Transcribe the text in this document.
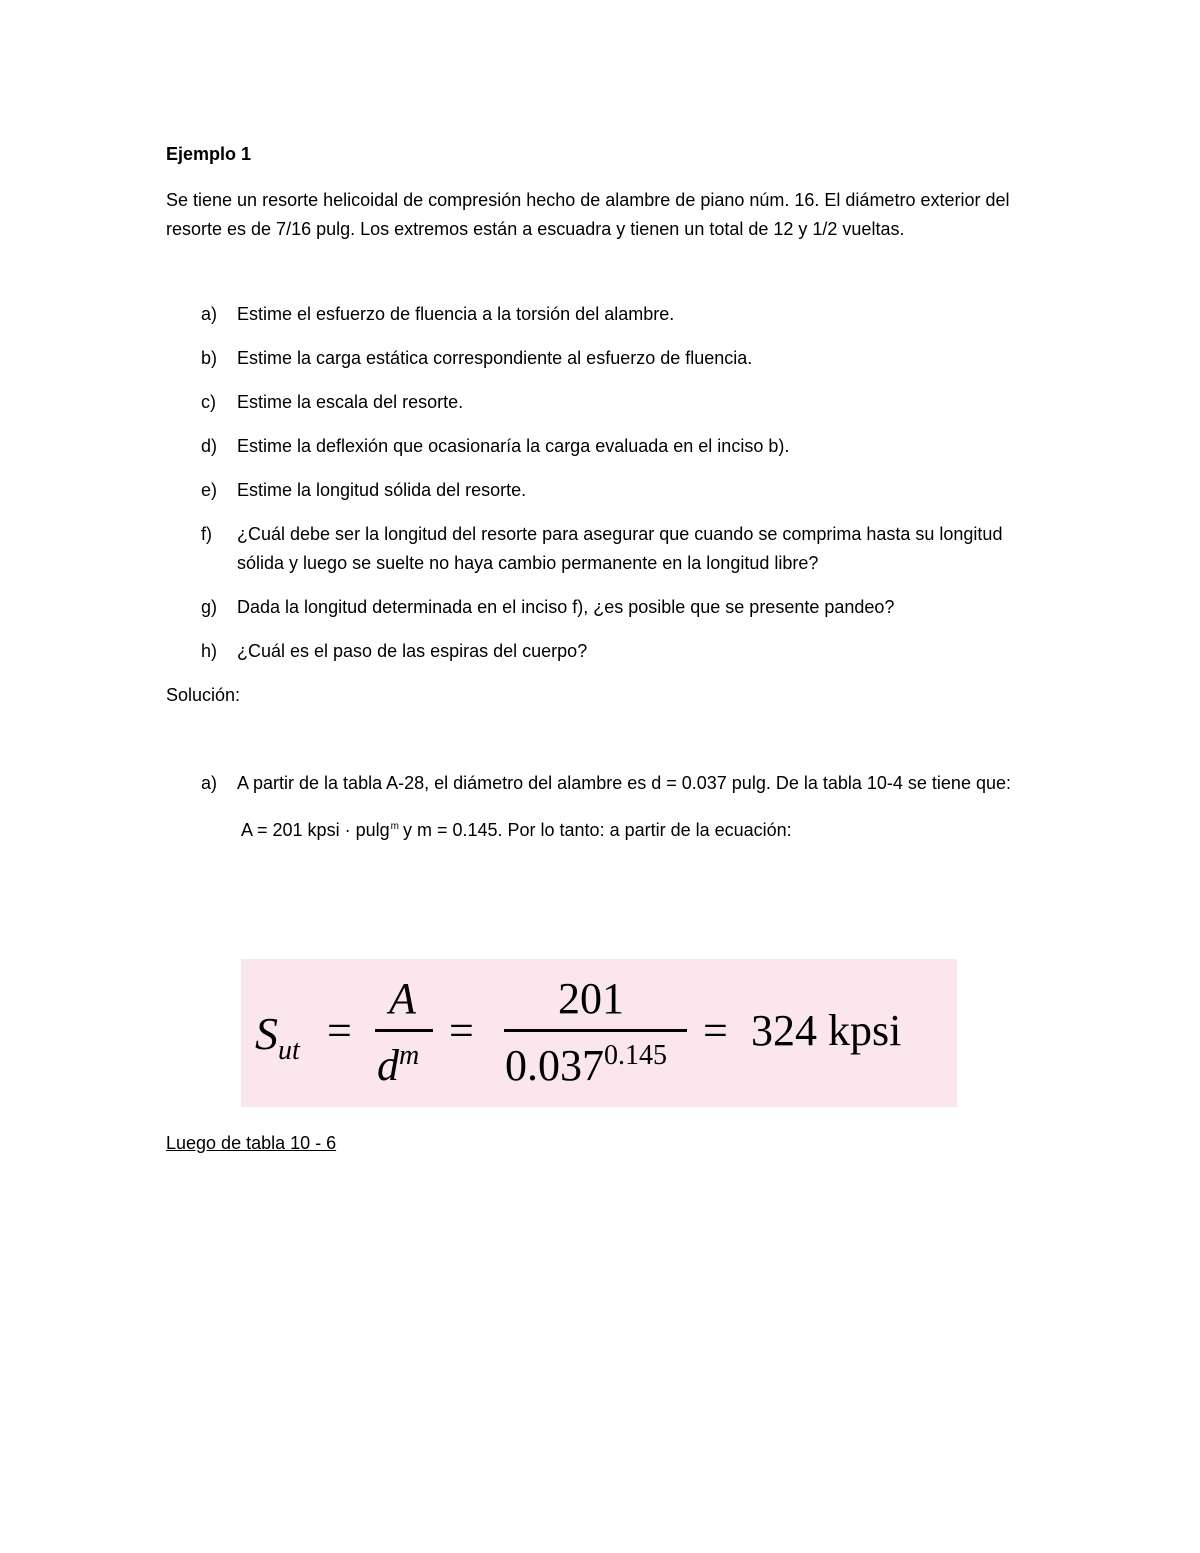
Ejemplo 1
Se tiene un resorte helicoidal de compresión hecho de alambre de piano núm. 16. El diámetro exterior del resorte es de 7/16 pulg. Los extremos están a escuadra y tienen un total de 12 y 1/2 vueltas.
a) Estime el esfuerzo de fluencia a la torsión del alambre.
b) Estime la carga estática correspondiente al esfuerzo de fluencia.
c) Estime la escala del resorte.
d) Estime la deflexión que ocasionaría la carga evaluada en el inciso b).
e) Estime la longitud sólida del resorte.
f) ¿Cuál debe ser la longitud del resorte para asegurar que cuando se comprima hasta su longitud sólida y luego se suelte no haya cambio permanente en la longitud libre?
g) Dada la longitud determinada en el inciso f), ¿es posible que se presente pandeo?
h) ¿Cuál es el paso de las espiras del cuerpo?
Solución:
a) A partir de la tabla A-28, el diámetro del alambre es d = 0.037 pulg. De la tabla 10-4 se tiene que:

A = 201 kpsi · pulg$^m$ y m = 0.145. Por lo tanto: a partir de la ecuación:

$S_{ut}$ =
A
$d^m$
=
201
$0.037^{0.145}$
= 324 kpsi
Luego de tabla 10 - 6
